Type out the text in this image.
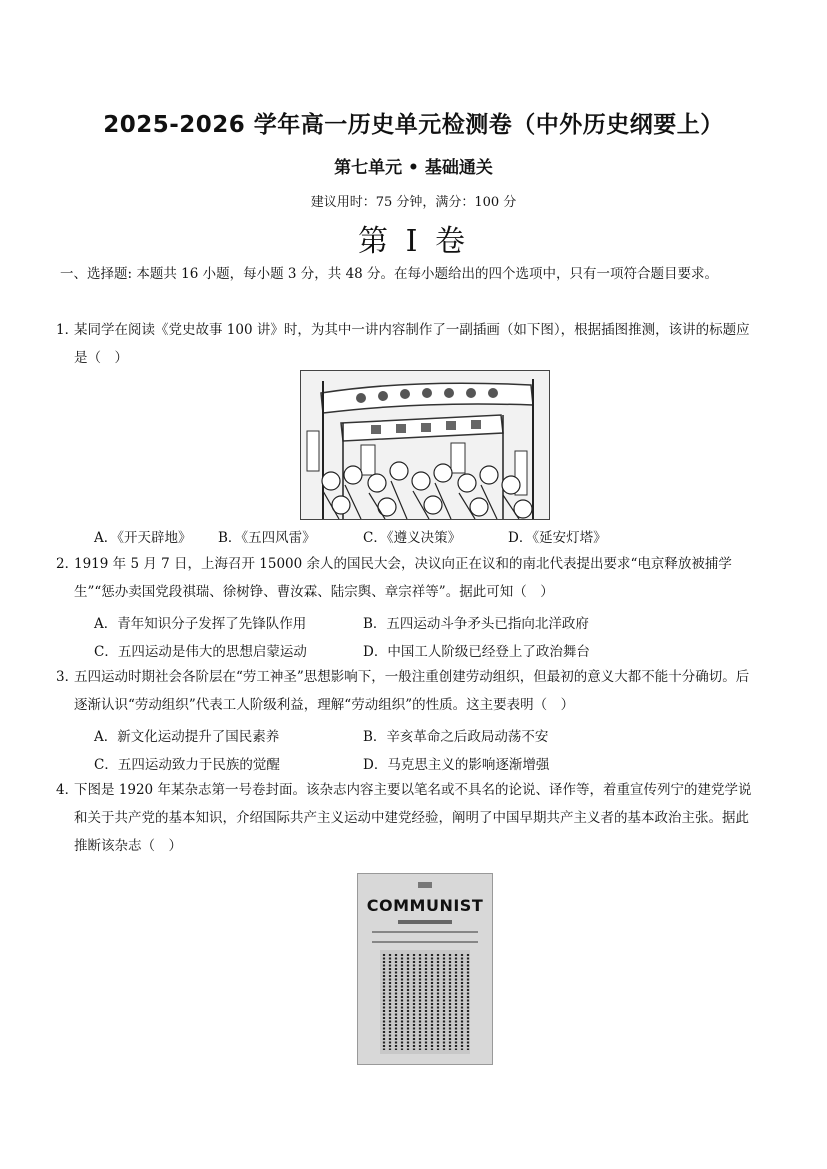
2025-2026 学年高一历史单元检测卷（中外历史纲要上）
第七单元 • 基础通关
建议用时：75 分钟，满分：100 分
第 I 卷
一、选择题: 本题共 16 小题，每小题 3 分，共 48 分。在每小题给出的四个选项中，只有一项符合题目要求。
1．
某同学在阅读《党史故事 100 讲》时，为其中一讲内容制作了一副插画（如下图），根据插图推测，该讲的标题应是（　）
A．《开天辟地》 B．《五四风雷》	C．《遵义决策》	D．《延安灯塔》
2．
1919 年 5 月 7 日，上海召开 15000 余人的国民大会，决议向正在议和的南北代表提出要求“电京释放被捕学生”“惩办卖国党段祺瑞、徐树铮、曹汝霖、陆宗舆、章宗祥等”。据此可知（　）
A．青年知识分子发挥了先锋队作用	B．五四运动斗争矛头已指向北洋政府
C．五四运动是伟大的思想启蒙运动	D．中国工人阶级已经登上了政治舞台
3．
五四运动时期社会各阶层在“劳工神圣”思想影响下，一般注重创建劳动组织，但最初的意义大都不能十分确切。后逐渐认识“劳动组织”代表工人阶级利益，理解“劳动组织”的性质。这主要表明（　）
A．新文化运动提升了国民素养	B．辛亥革命之后政局动荡不安
C．五四运动致力于民族的觉醒	D．马克思主义的影响逐渐增强
4．
下图是 1920 年某杂志第一号卷封面。该杂志内容主要以笔名或不具名的论说、译作等，着重宣传列宁的建党学说和关于共产党的基本知识，介绍国际共产主义运动中建党经验，阐明了中国早期共产主义者的基本政治主张。据此推断该杂志（　）
COMMUNIST
